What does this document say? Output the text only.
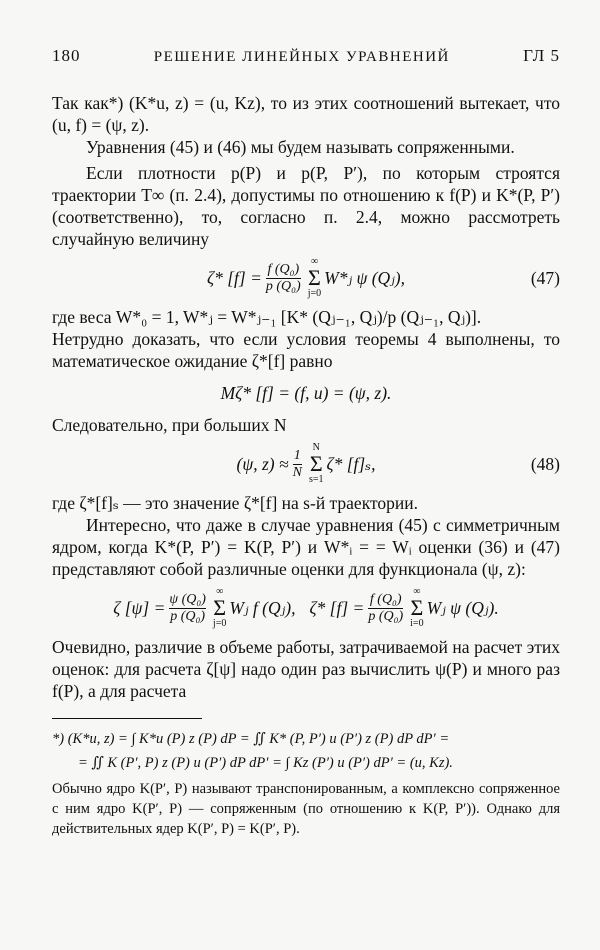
180	РЕШЕНИЕ ЛИНЕЙНЫХ УРАВНЕНИЙ	ГЛ 5

Так как*) (K*u, z) = (u, Kz), то из этих соотношений вытекает, что (u, f) = (ψ, z).

Уравнения (45) и (46) мы будем называть сопряженными.

Если плотности p(P) и p(P, P′), по которым строятся траектории T∞ (п. 2.4), допустимы по отношению к f(P) и K*(P, P′) (соответственно), то, согласно п. 2.4, можно рассмотреть случайную величину

ζ* $[f] = \frac{\text{f (Q₀)}}{\text{p (Q₀)}}$ ∞
Σ
j=0
W*ⱼ ψ (Qⱼ),	(47)

где веса W*₀ = 1, W*ⱼ = W*ⱼ₋₁ [K* (Qⱼ₋₁, Qⱼ)/p (Qⱼ₋₁, Qⱼ)].

Нетрудно доказать, что если условия теоремы 4 выполнены, то математическое ожидание ζ*[f] равно

Mζ* [f] = (f, u) = (ψ, z).

Следовательно, при больших N

(ψ, $z) \approx \frac{1}{N}$ N
Σ
s=1
ζ* [f]ₛ,	(48)

где ζ*[f]ₛ — это значение ζ*[f] на s-й траектории.

Интересно, что даже в случае уравнения (45) с симметричным ядром, когда K*(P, P′) = K(P, P′) и W*ᵢ = = Wᵢ оценки (36) и (47) представляют собой различные оценки для функционала (ψ, z):

ζ $[\psi] = \frac{\text{ψ (Q₀)}}{\text{p (Q₀)}}$ ∞
Σ
j=0
Wⱼ f (Qⱼ), ζ* $[f] = \frac{\text{f (Q₀)}}{\text{p (Q₀)}}$ ∞
Σ
i=0
Wⱼ ψ (Qⱼ).

Очевидно, различие в объеме работы, затрачиваемой на расчет этих оценок: для расчета ζ[ψ] надо один раз вычислить ψ(P) и много раз f(P), а для расчета

*) (K*u, z) = ∫ K*u (P) z (P) dP = ∬ K* (P, P′) u (P′) z (P) dP dP′ =
= ∬ K (P′, P) z (P) u (P′) dP dP′ = ∫ Kz (P′) u (P′) dP′ = (u, Kz).

Обычно ядро K(P′, P) называют транспонированным, а комплексно сопряженное с ним ядро K(P′, P) — сопряженным (по отношению к K(P, P′)). Однако для действительных ядер K(P′, P) = K(P′, P).
